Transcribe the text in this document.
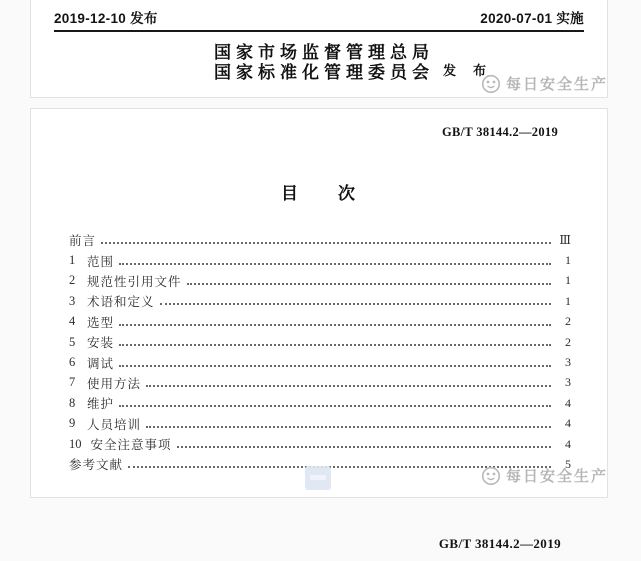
2019-12-10 发布	2020-07-01 实施
国家市场监督管理总局
国家标准化管理委员会 发　布
每日安全生产
GB/T 38144.2—2019
目　　次
前言	Ⅲ
1 范围	1
2 规范性引用文件	1
3 术语和定义	1
4 选型	2
5 安装	2
6 调试	3
7 使用方法	3
8 维护	4
9 人员培训	4
10 安全注意事项	4
参考文献	5
每日安全生产
GB/T 38144.2—2019
